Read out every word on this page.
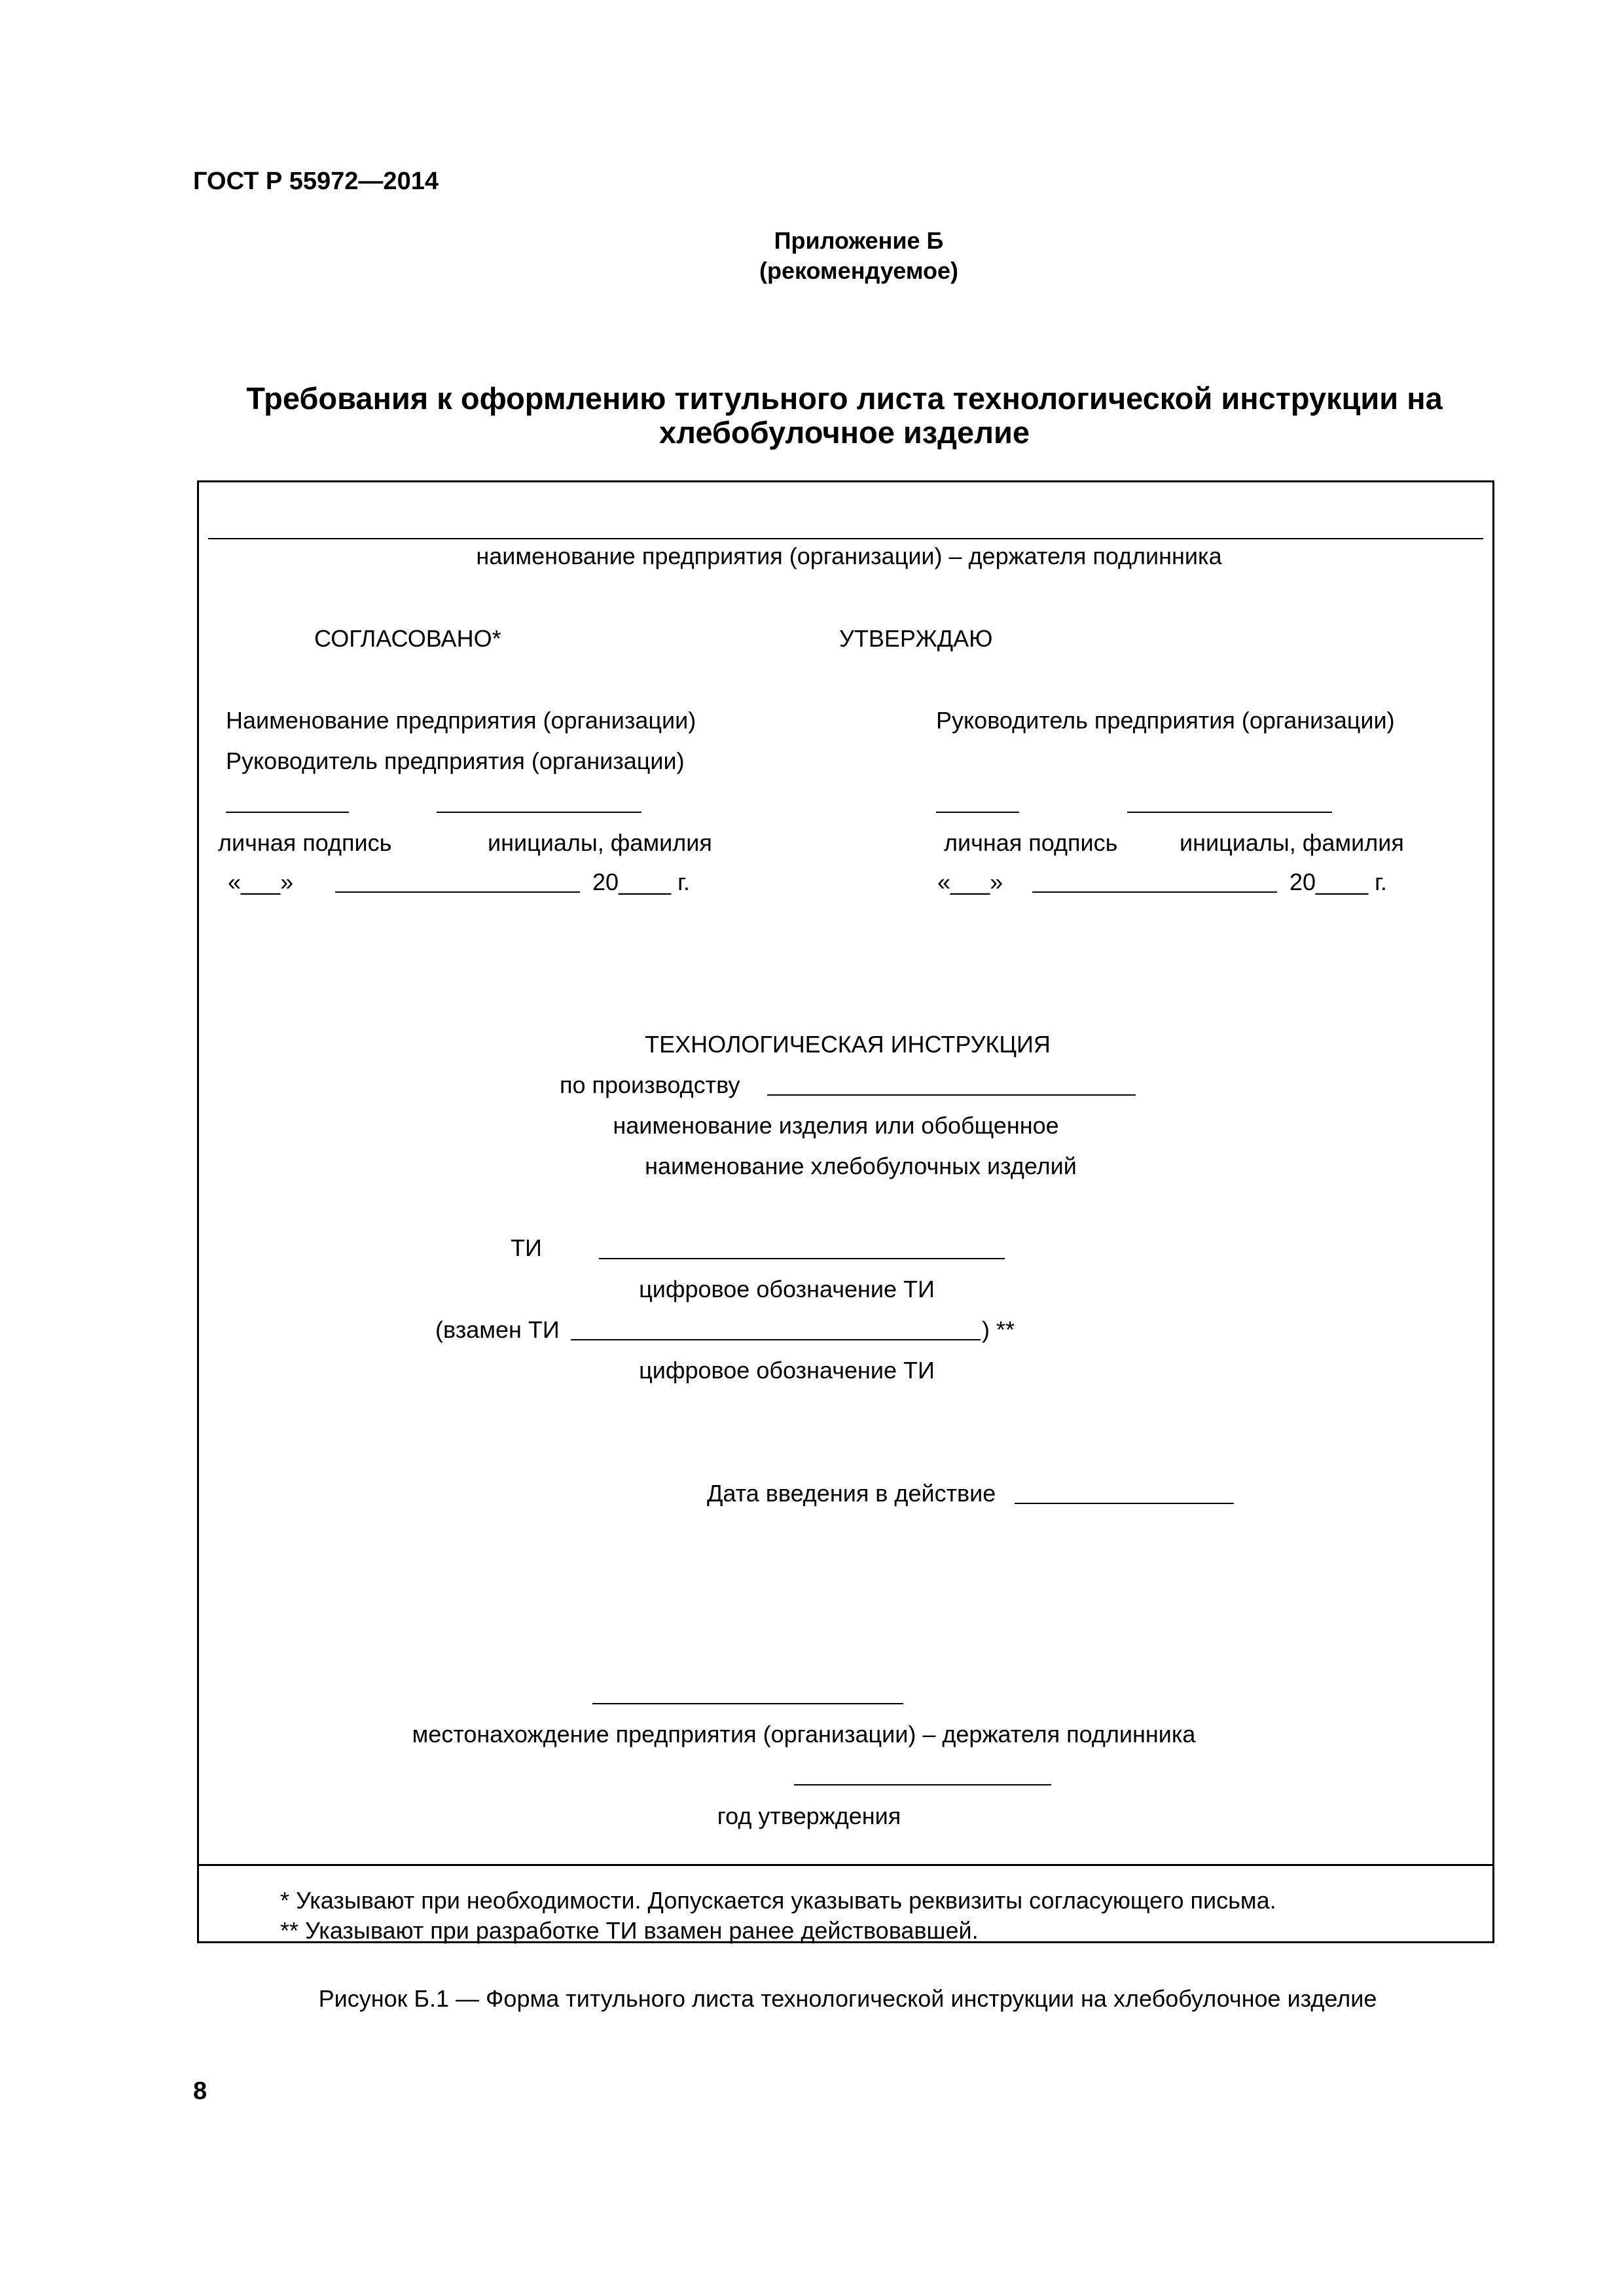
ГОСТ Р 55972—2014
Приложение Б
(рекомендуемое)
Требования к оформлению титульного листа технологической инструкции на
хлебобулочное изделие
наименование предприятия (организации) – держателя подлинника
СОГЛАСОВАНО*
Наименование предприятия (организации)
Руководитель предприятия (организации)
личная подпись	инициалы, фамилия
«___»	20____ г.
УТВЕРЖДАЮ
Руководитель предприятия (организации)
личная подпись	инициалы, фамилия
«___»	20____ г.
ТЕХНОЛОГИЧЕСКАЯ ИНСТРУКЦИЯ
по производству
наименование изделия или обобщенное
наименование хлебобулочных изделий
ТИ
цифровое обозначение ТИ
(взамен ТИ	) **
цифровое обозначение ТИ
Дата введения в действие
местонахождение предприятия (организации) – держателя подлинника
год утверждения
* Указывают при необходимости. Допускается указывать реквизиты согласующего письма.
** Указывают при разработке ТИ взамен ранее действовавшей.
Рисунок Б.1 — Форма титульного листа технологической инструкции на хлебобулочное изделие
8
